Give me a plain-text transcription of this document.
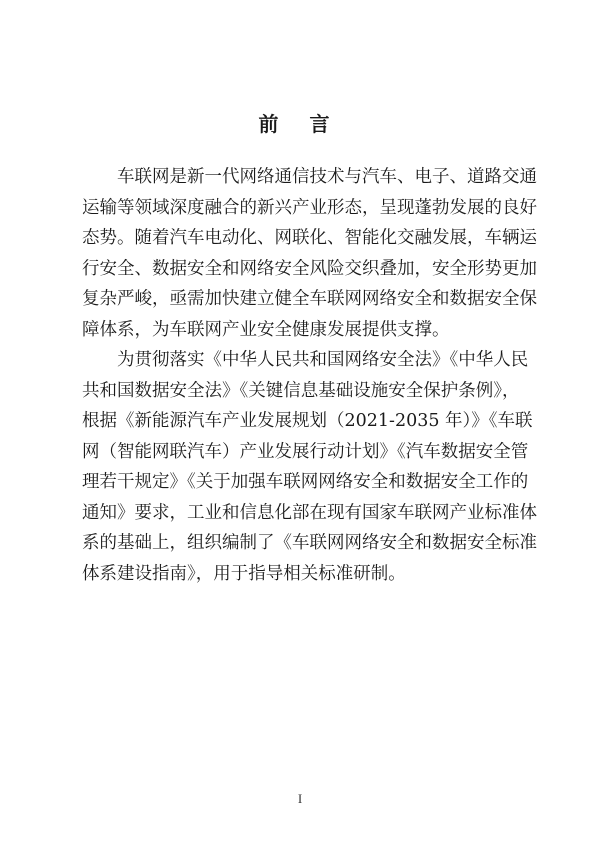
前 言
车联网是新一代网络通信技术与汽车、电子、道路交通
运输等领域深度融合的新兴产业形态，呈现蓬勃发展的良好
态势。随着汽车电动化、网联化、智能化交融发展，车辆运
行安全、数据安全和网络安全风险交织叠加，安全形势更加
复杂严峻，亟需加快建立健全车联网网络安全和数据安全保
障体系，为车联网产业安全健康发展提供支撑。
为贯彻落实《中华人民共和国网络安全法》《中华人民
共和国数据安全法》《关键信息基础设施安全保护条例》，
根据《新能源汽车产业发展规划（2021-2035 年）》《车联
网（智能网联汽车）产业发展行动计划》《汽车数据安全管
理若干规定》《关于加强车联网网络安全和数据安全工作的
通知》要求，工业和信息化部在现有国家车联网产业标准体
系的基础上，组织编制了《车联网网络安全和数据安全标准
体系建设指南》，用于指导相关标准研制。
I
